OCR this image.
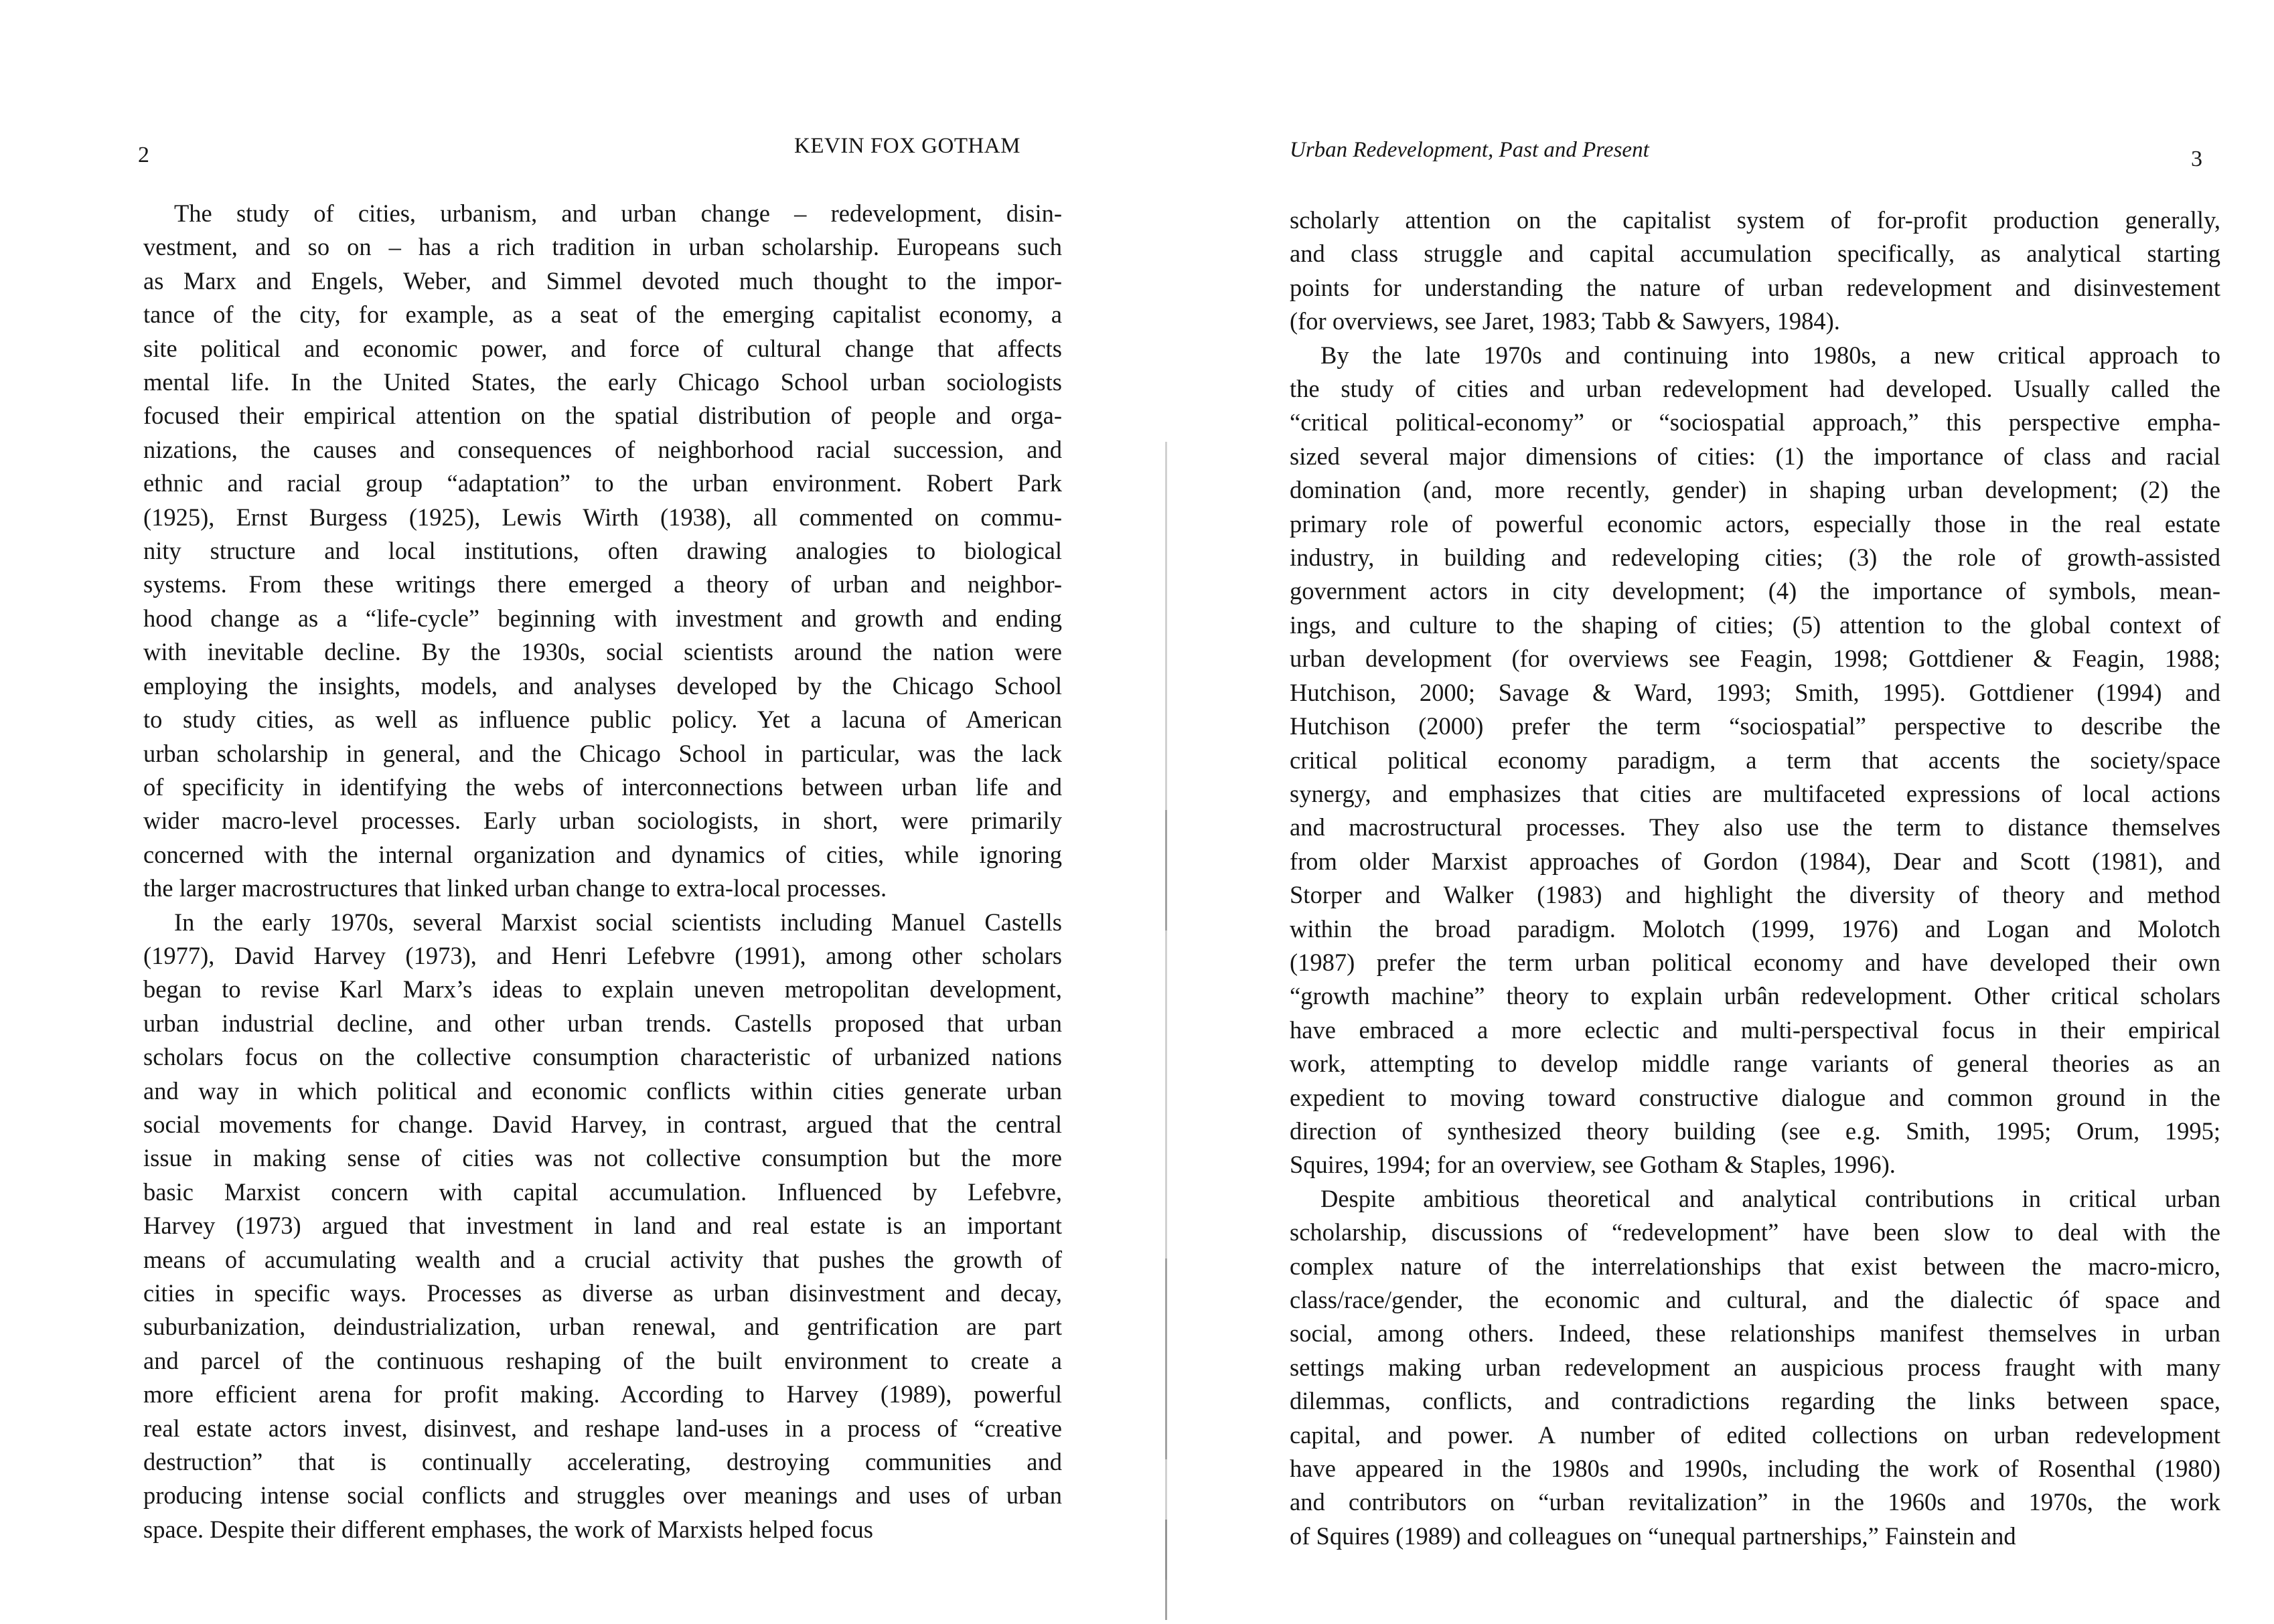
2	KEVIN FOX GOTHAM

The study of cities, urbanism, and urban change – redevelopment, disin-
vestment, and so on – has a rich tradition in urban scholarship. Europeans such
as Marx and Engels, Weber, and Simmel devoted much thought to the impor-
tance of the city, for example, as a seat of the emerging capitalist economy, a
site political and economic power, and force of cultural change that affects
mental life. In the United States, the early Chicago School urban sociologists
focused their empirical attention on the spatial distribution of people and orga-
nizations, the causes and consequences of neighborhood racial succession, and
ethnic and racial group “adaptation” to the urban environment. Robert Park
(1925), Ernst Burgess (1925), Lewis Wirth (1938), all commented on commu-
nity structure and local institutions, often drawing analogies to biological
systems. From these writings there emerged a theory of urban and neighbor-
hood change as a “life-cycle” beginning with investment and growth and ending
with inevitable decline. By the 1930s, social scientists around the nation were
employing the insights, models, and analyses developed by the Chicago School
to study cities, as well as influence public policy. Yet a lacuna of American
urban scholarship in general, and the Chicago School in particular, was the lack
of specificity in identifying the webs of interconnections between urban life and
wider macro-level processes. Early urban sociologists, in short, were primarily
concerned with the internal organization and dynamics of cities, while ignoring
the larger macrostructures that linked urban change to extra-local processes.

In the early 1970s, several Marxist social scientists including Manuel Castells
(1977), David Harvey (1973), and Henri Lefebvre (1991), among other scholars
began to revise Karl Marx’s ideas to explain uneven metropolitan development,
urban industrial decline, and other urban trends. Castells proposed that urban
scholars focus on the collective consumption characteristic of urbanized nations
and way in which political and economic conflicts within cities generate urban
social movements for change. David Harvey, in contrast, argued that the central
issue in making sense of cities was not collective consumption but the more
basic Marxist concern with capital accumulation. Influenced by Lefebvre,
Harvey (1973) argued that investment in land and real estate is an important
means of accumulating wealth and a crucial activity that pushes the growth of
cities in specific ways. Processes as diverse as urban disinvestment and decay,
suburbanization, deindustrialization, urban renewal, and gentrification are part
and parcel of the continuous reshaping of the built environment to create a
more efficient arena for profit making. According to Harvey (1989), powerful
real estate actors invest, disinvest, and reshape land-uses in a process of “creative
destruction” that is continually accelerating, destroying communities and
producing intense social conflicts and struggles over meanings and uses of urban
space. Despite their different emphases, the work of Marxists helped focus

Urban Redevelopment, Past and Present	3

scholarly attention on the capitalist system of for-profit production generally,
and class struggle and capital accumulation specifically, as analytical starting
points for understanding the nature of urban redevelopment and disinvestement
(for overviews, see Jaret, 1983; Tabb & Sawyers, 1984).

By the late 1970s and continuing into 1980s, a new critical approach to
the study of cities and urban redevelopment had developed. Usually called the
“critical political-economy” or “sociospatial approach,” this perspective empha-
sized several major dimensions of cities: (1) the importance of class and racial
domination (and, more recently, gender) in shaping urban development; (2) the
primary role of powerful economic actors, especially those in the real estate
industry, in building and redeveloping cities; (3) the role of growth-assisted
government actors in city development; (4) the importance of symbols, mean-
ings, and culture to the shaping of cities; (5) attention to the global context of
urban development (for overviews see Feagin, 1998; Gottdiener & Feagin, 1988;
Hutchison, 2000; Savage & Ward, 1993; Smith, 1995). Gottdiener (1994) and
Hutchison (2000) prefer the term “sociospatial” perspective to describe the
critical political economy paradigm, a term that accents the society/space
synergy, and emphasizes that cities are multifaceted expressions of local actions
and macrostructural processes. They also use the term to distance themselves
from older Marxist approaches of Gordon (1984), Dear and Scott (1981), and
Storper and Walker (1983) and highlight the diversity of theory and method
within the broad paradigm. Molotch (1999, 1976) and Logan and Molotch
(1987) prefer the term urban political economy and have developed their own
“growth machine” theory to explain urbân redevelopment. Other critical scholars
have embraced a more eclectic and multi-perspectival focus in their empirical
work, attempting to develop middle range variants of general theories as an
expedient to moving toward constructive dialogue and common ground in the
direction of synthesized theory building (see e.g. Smith, 1995; Orum, 1995;
Squires, 1994; for an overview, see Gotham & Staples, 1996).

Despite ambitious theoretical and analytical contributions in critical urban
scholarship, discussions of “redevelopment” have been slow to deal with the
complex nature of the interrelationships that exist between the macro-micro,
class/race/gender, the economic and cultural, and the dialectic óf space and
social, among others. Indeed, these relationships manifest themselves in urban
settings making urban redevelopment an auspicious process fraught with many
dilemmas, conflicts, and contradictions regarding the links between space,
capital, and power. A number of edited collections on urban redevelopment
have appeared in the 1980s and 1990s, including the work of Rosenthal (1980)
and contributors on “urban revitalization” in the 1960s and 1970s, the work
of Squires (1989) and colleagues on “unequal partnerships,” Fainstein and
